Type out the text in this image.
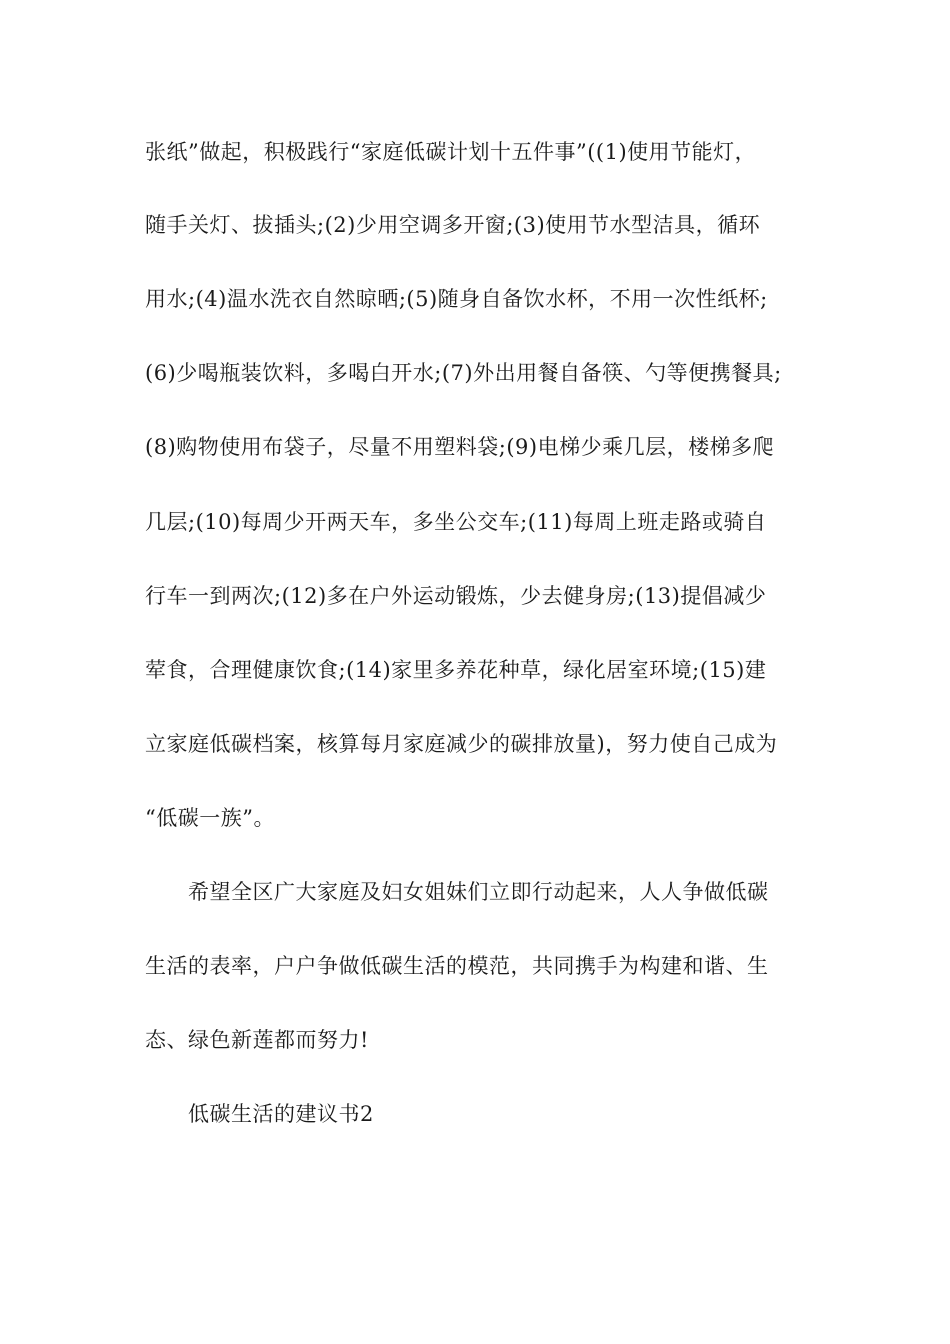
张纸”做起，积极践行“家庭低碳计划十五件事”((1)使用节能灯，
随手关灯、拔插头;(2)少用空调多开窗;(3)使用节水型洁具，循环
用水;(4)温水洗衣自然晾晒;(5)随身自备饮水杯，不用一次性纸杯;
(6)少喝瓶装饮料，多喝白开水;(7)外出用餐自备筷、勺等便携餐具;
(8)购物使用布袋子，尽量不用塑料袋;(9)电梯少乘几层，楼梯多爬
几层;(10)每周少开两天车，多坐公交车;(11)每周上班走路或骑自
行车一到两次;(12)多在户外运动锻炼，少去健身房;(13)提倡减少
荤食，合理健康饮食;(14)家里多养花种草，绿化居室环境;(15)建
立家庭低碳档案，核算每月家庭减少的碳排放量)，努力使自己成为
“低碳一族”。
希望全区广大家庭及妇女姐妹们立即行动起来，人人争做低碳
生活的表率，户户争做低碳生活的模范，共同携手为构建和谐、生
态、绿色新莲都而努力!
低碳生活的建议书2
